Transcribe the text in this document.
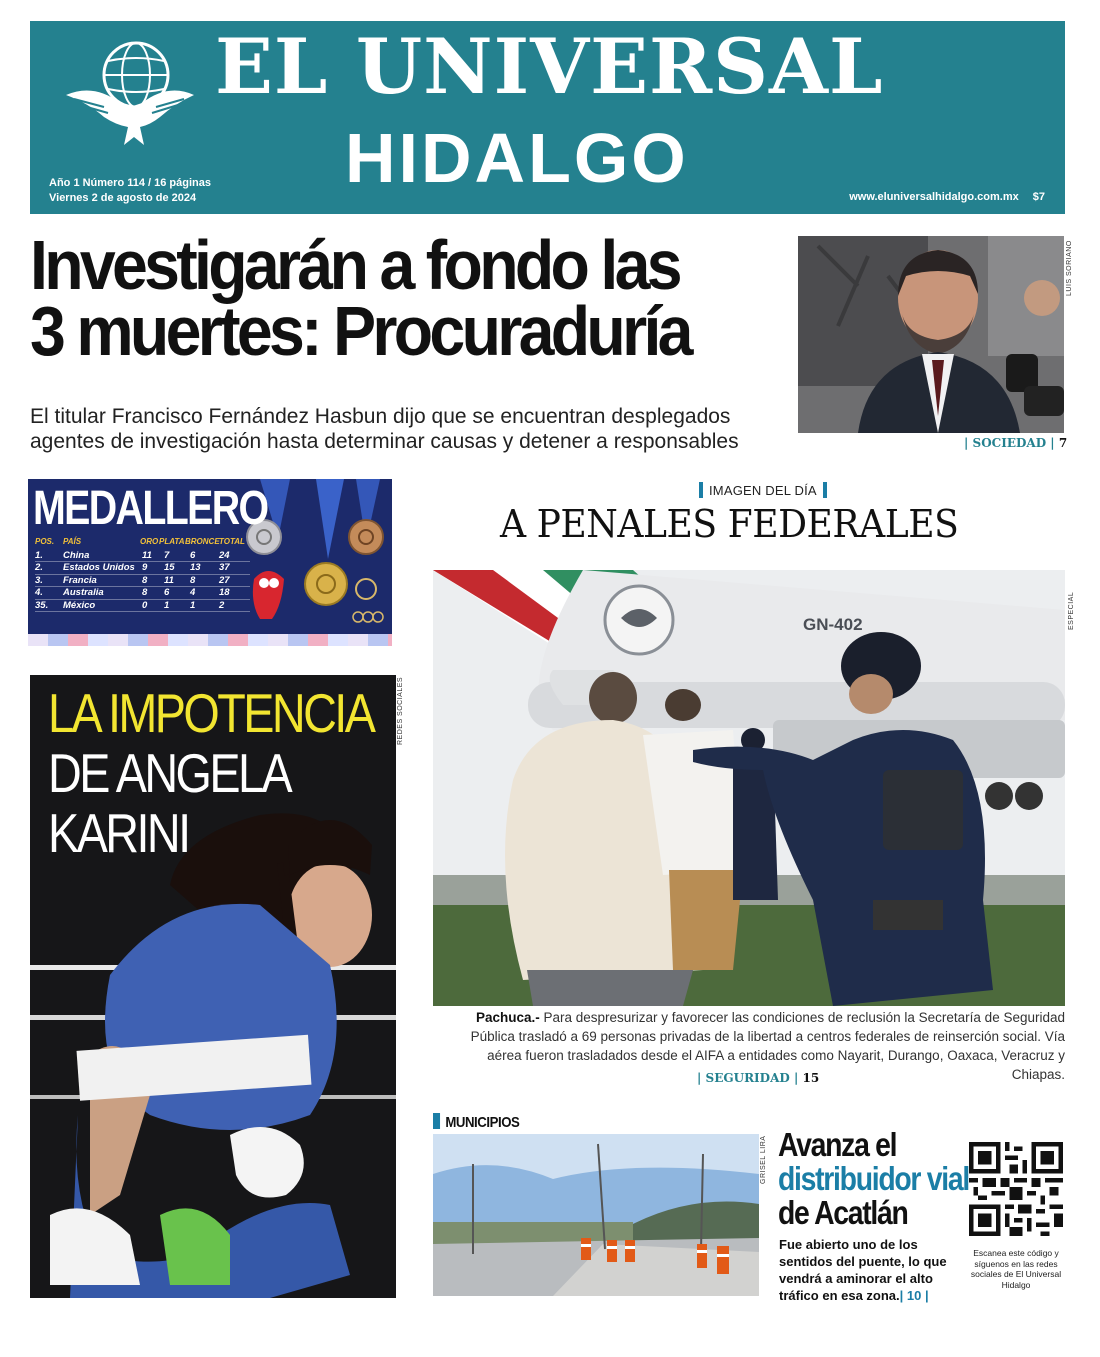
EL UNIVERSAL
HIDALGO
Año 1 Número 114 / 16 páginas
Viernes 2 de agosto de 2024	www.eluniversalhidalgo.com.mx $7
Investigarán a fondo las
3 muertes: Procuraduría
El titular Francisco Fernández Hasbun dijo que se encuentran desplegados
agentes de investigación hasta determinar causas y detener a responsables
LUIS SORIANO
| SOCIEDAD | 7
MEDALLERO
POS. PAÍS	ORO PLATA BRONCE TOTAL
1. China	11 7 6 24
2. Estados Unidos 9 15 13 37
3. Francia	8 11 8 27
4. Australia	8 6 4 18
35. México	0 1 1 2
LA IMPOTENCIA
DE ANGELA
KARINI
REDES SOCIALES
IMAGEN DEL DÍA
A PENALES FEDERALES
GN-402	ESPECIAL
Pachuca.- Para despresurizar y favorecer las condiciones de reclusión la Secretaría de Seguridad Pública trasladó a 69 personas privadas de la libertad a centros federales de reinserción social. Vía aérea fueron trasladados desde el AIFA a entidades como Nayarit, Durango, Oaxaca, Veracruz y Chiapas.
| SEGURIDAD | 15
MUNICIPIOS
GRISEL LIRA Avanza el
distribuidor vial
de Acatlán
Fue abierto uno de los sentidos del puente, lo que vendrá a aminorar el alto tráfico en esa zona.| 10 |
Escanea este código y síguenos en las redes sociales de El Universal Hidalgo
